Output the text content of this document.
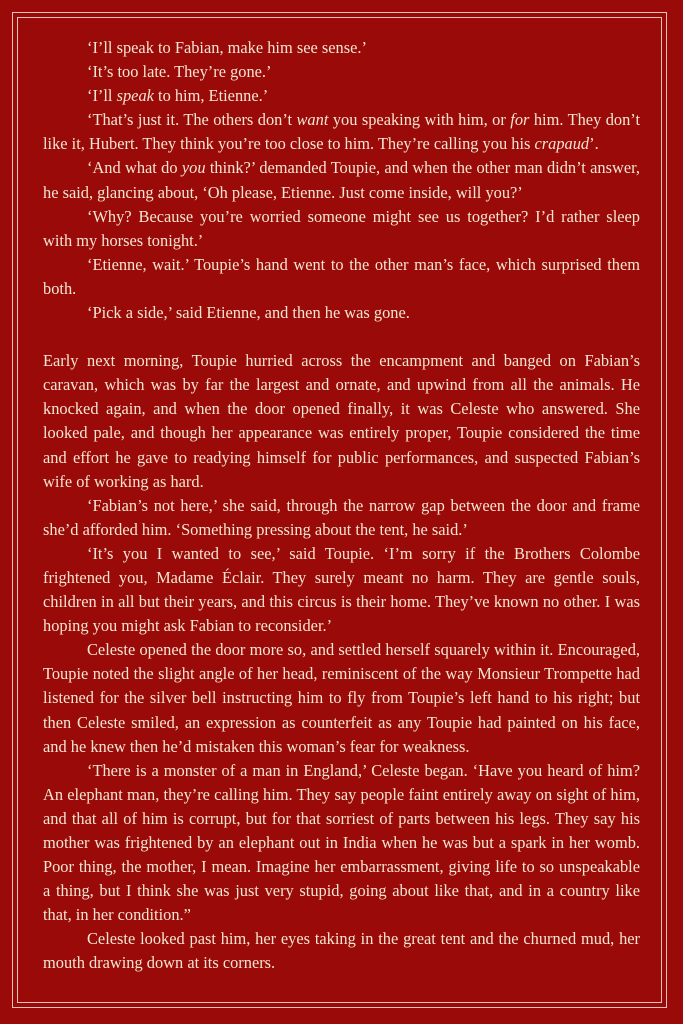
‘I’ll speak to Fabian, make him see sense.’

‘It’s too late. They’re gone.’

‘I’ll speak to him, Etienne.’

‘That’s just it. The others don’t want you speaking with him, or for him. They don’t like it, Hubert. They think you’re too close to him. They’re calling you his crapaud’.

‘And what do you think?’ demanded Toupie, and when the other man didn’t answer, he said, glancing about, ‘Oh please, Etienne. Just come inside, will you?’

‘Why? Because you’re worried someone might see us together? I’d rather sleep with my horses tonight.’

‘Etienne, wait.’ Toupie’s hand went to the other man’s face, which surprised them both.

‘Pick a side,’ said Etienne, and then he was gone.

Early next morning, Toupie hurried across the encampment and banged on Fabian’s caravan, which was by far the largest and ornate, and upwind from all the animals. He knocked again, and when the door opened finally, it was Celeste who answered. She looked pale, and though her appearance was entirely proper, Toupie considered the time and effort he gave to readying himself for public performances, and suspected Fabian’s wife of working as hard.

‘Fabian’s not here,’ she said, through the narrow gap between the door and frame she’d afforded him. ‘Something pressing about the tent, he said.’

‘It’s you I wanted to see,’ said Toupie. ‘I’m sorry if the Brothers Colombe frightened you, Madame Éclair. They surely meant no harm. They are gentle souls, children in all but their years, and this circus is their home. They’ve known no other. I was hoping you might ask Fabian to reconsider.’

Celeste opened the door more so, and settled herself squarely within it. Encouraged, Toupie noted the slight angle of her head, reminiscent of the way Monsieur Trompette had listened for the silver bell instructing him to fly from Toupie’s left hand to his right; but then Celeste smiled, an expression as counterfeit as any Toupie had painted on his face, and he knew then he’d mistaken this woman’s fear for weakness.

‘There is a monster of a man in England,’ Celeste began. ‘Have you heard of him? An elephant man, they’re calling him. They say people faint entirely away on sight of him, and that all of him is corrupt, but for that sorriest of parts between his legs. They say his mother was frightened by an elephant out in India when he was but a spark in her womb. Poor thing, the mother, I mean. Imagine her embarrassment, giving life to so unspeakable a thing, but I think she was just very stupid, going about like that, and in a country like that, in her condition.”

Celeste looked past him, her eyes taking in the great tent and the churned mud, her mouth drawing down at its corners.
